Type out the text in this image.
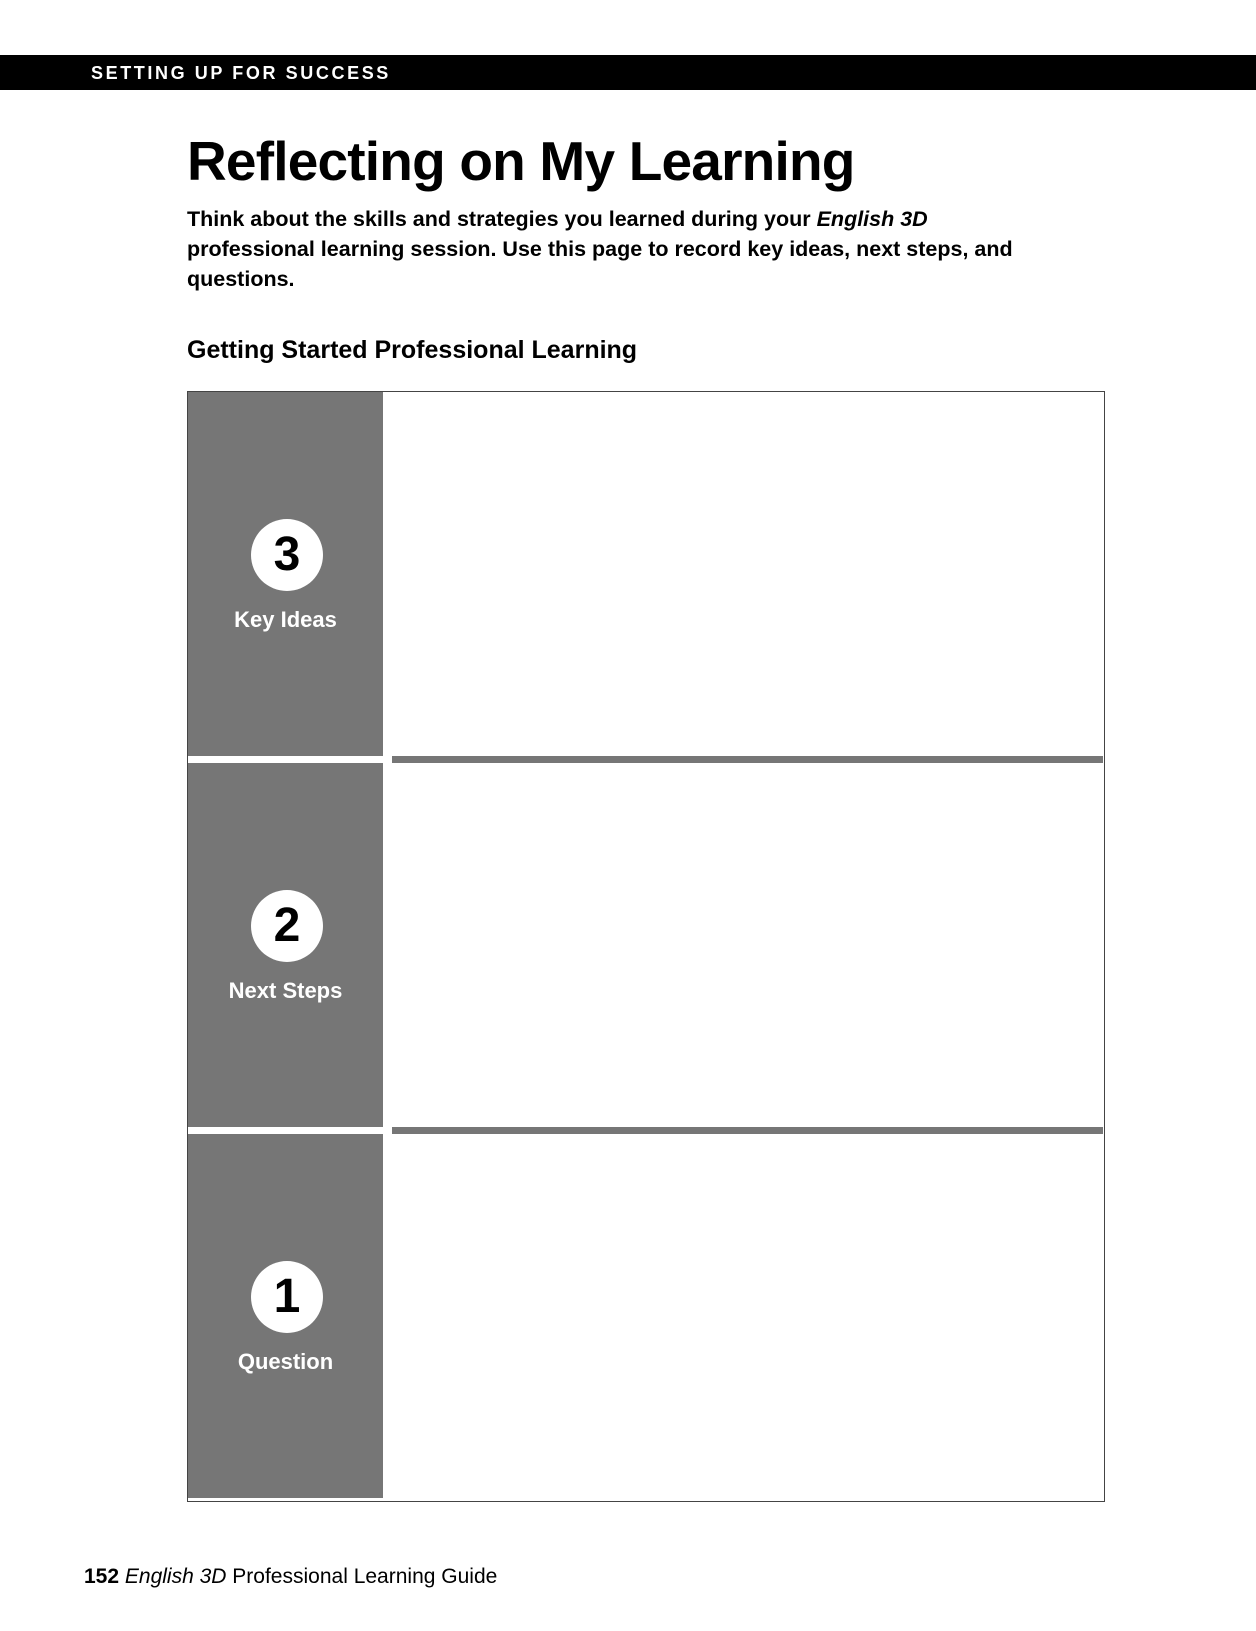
SETTING UP FOR SUCCESS
Reflecting on My Learning

Think about the skills and strategies you learned during your English 3D professional learning session. Use this page to record key ideas, next steps, and questions.

Getting Started Professional Learning
3
Key Ideas
2
Next Steps
1
Question
152 English 3D Professional Learning Guide
